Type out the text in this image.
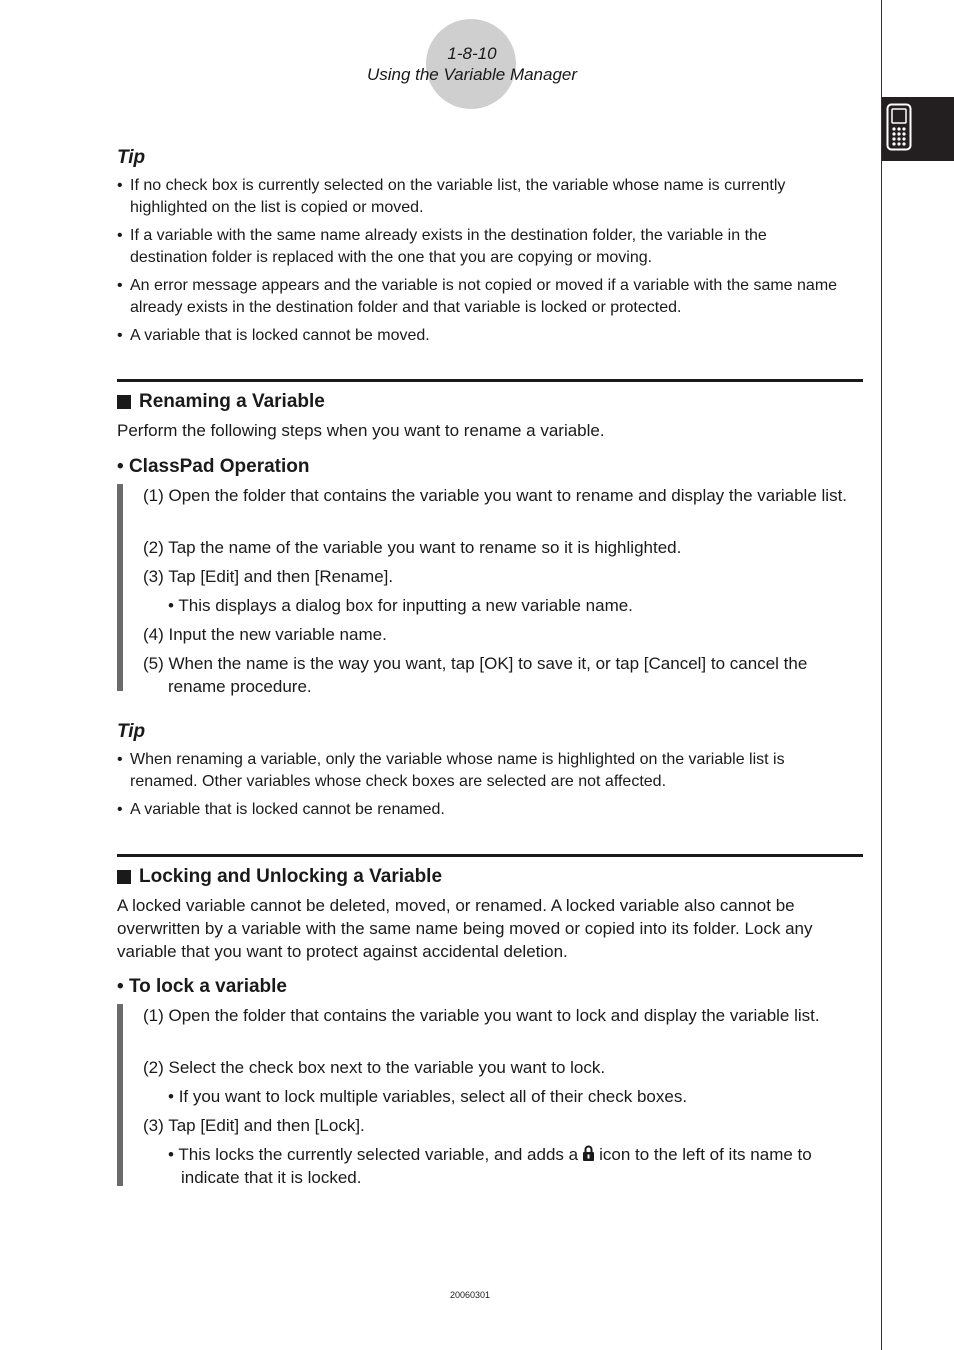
1-8-10
Using the Variable Manager
Tip
• If no check box is currently selected on the variable list, the variable whose name is currently highlighted on the list is copied or moved.
• If a variable with the same name already exists in the destination folder, the variable in the destination folder is replaced with the one that you are copying or moving.
• An error message appears and the variable is not copied or moved if a variable with the same name already exists in the destination folder and that variable is locked or protected.
• A variable that is locked cannot be moved.
Renaming a Variable
Perform the following steps when you want to rename a variable.
• ClassPad Operation
(1) Open the folder that contains the variable you want to rename and display the variable list.
(2) Tap the name of the variable you want to rename so it is highlighted.
(3) Tap [Edit] and then [Rename].
• This displays a dialog box for inputting a new variable name.
(4) Input the new variable name.
(5) When the name is the way you want, tap [OK] to save it, or tap [Cancel] to cancel the rename procedure.
Tip
• When renaming a variable, only the variable whose name is highlighted on the variable list is renamed. Other variables whose check boxes are selected are not affected.
• A variable that is locked cannot be renamed.
Locking and Unlocking a Variable
A locked variable cannot be deleted, moved, or renamed. A locked variable also cannot be overwritten by a variable with the same name being moved or copied into its folder. Lock any variable that you want to protect against accidental deletion.
• To lock a variable
(1) Open the folder that contains the variable you want to lock and display the variable list.
(2) Select the check box next to the variable you want to lock.
• If you want to lock multiple variables, select all of their check boxes.
(3) Tap [Edit] and then [Lock].
• This locks the currently selected variable, and adds a icon to the left of its name to indicate that it is locked.
20060301
